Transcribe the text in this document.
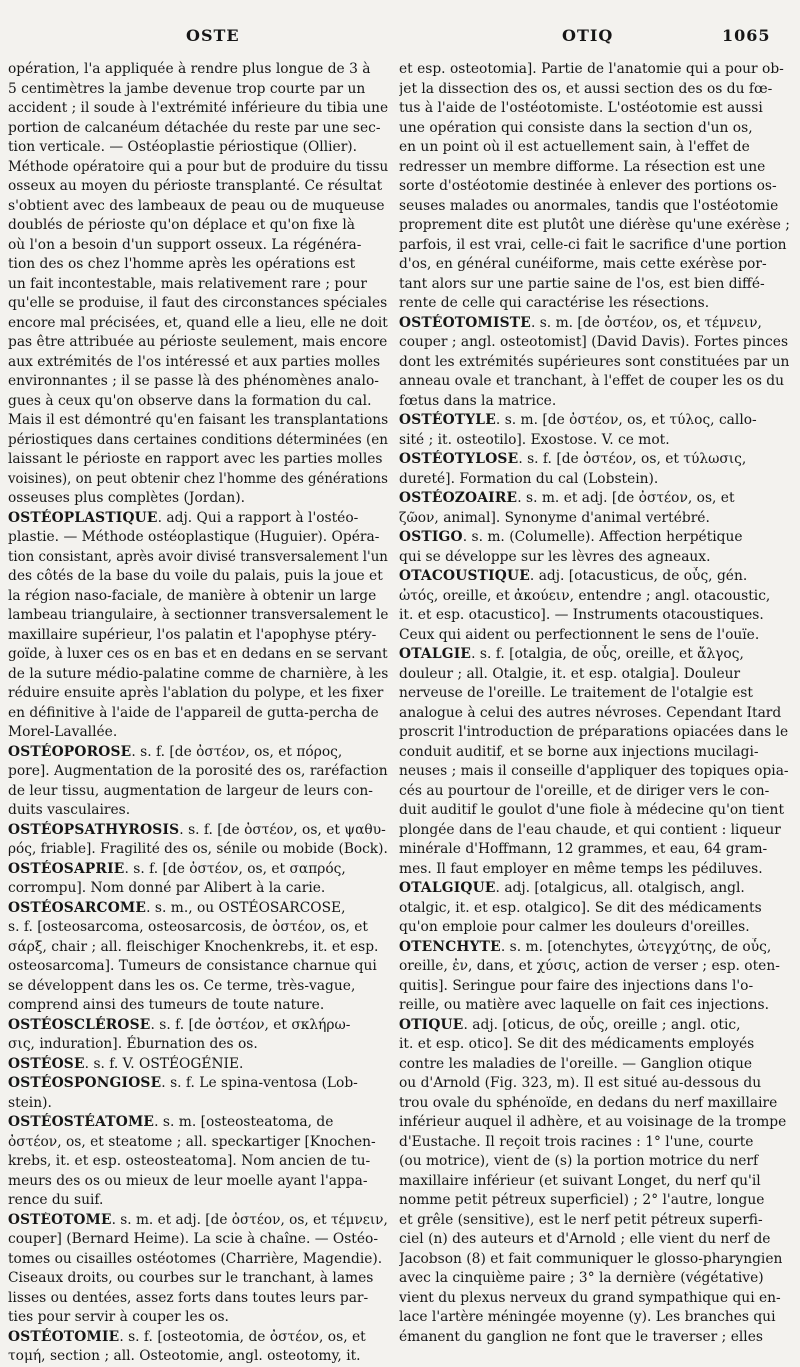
OSTE	OTIQ	1065
opération, l'a appliquée à rendre plus longue de 3 à
5 centimètres la jambe devenue trop courte par un
accident ; il soude à l'extrémité inférieure du tibia une
portion de calcanéum détachée du reste par une sec-
tion verticale. — Ostéoplastie périostique (Ollier).
Méthode opératoire qui a pour but de produire du tissu
osseux au moyen du périoste transplanté. Ce résultat
s'obtient avec des lambeaux de peau ou de muqueuse
doublés de périoste qu'on déplace et qu'on fixe là
où l'on a besoin d'un support osseux. La régénéra-
tion des os chez l'homme après les opérations est
un fait incontestable, mais relativement rare ; pour
qu'elle se produise, il faut des circonstances spéciales
encore mal précisées, et, quand elle a lieu, elle ne doit
pas être attribuée au périoste seulement, mais encore
aux extrémités de l'os intéressé et aux parties molles
environnantes ; il se passe là des phénomènes analo-
gues à ceux qu'on observe dans la formation du cal.
Mais il est démontré qu'en faisant les transplantations
périostiques dans certaines conditions déterminées (en
laissant le périoste en rapport avec les parties molles
voisines), on peut obtenir chez l'homme des générations
osseuses plus complètes (Jordan).
OSTÉOPLASTIQUE. adj. Qui a rapport à l'ostéo-
plastie. — Méthode ostéoplastique (Huguier). Opéra-
tion consistant, après avoir divisé transversalement l'un
des côtés de la base du voile du palais, puis la joue et
la région naso-faciale, de manière à obtenir un large
lambeau triangulaire, à sectionner transversalement le
maxillaire supérieur, l'os palatin et l'apophyse ptéry-
goïde, à luxer ces os en bas et en dedans en se servant
de la suture médio-palatine comme de charnière, à les
réduire ensuite après l'ablation du polype, et les fixer
en définitive à l'aide de l'appareil de gutta-percha de
Morel-Lavallée.
OSTÉOPOROSE. s. f. [de ὀστέον, os, et πόρος,
pore]. Augmentation de la porosité des os, raréfaction
de leur tissu, augmentation de largeur de leurs con-
duits vasculaires.
OSTÉOPSATHYROSIS. s. f. [de ὀστέον, os, et ψαθυ-
ρός, friable]. Fragilité des os, sénile ou mobide (Bock).
OSTÉOSAPRIE. s. f. [de ὀστέον, os, et σαπρός,
corrompu]. Nom donné par Alibert à la carie.
OSTÉOSARCOME. s. m., ou OSTÉOSARCOSE,
s. f. [osteosarcoma, osteosarcosis, de ὀστέον, os, et
σάρξ, chair ; all. fleischiger Knochenkrebs, it. et esp.
osteosarcoma]. Tumeurs de consistance charnue qui
se développent dans les os. Ce terme, très-vague,
comprend ainsi des tumeurs de toute nature.
OSTÉOSCLÉROSE. s. f. [de ὀστέον, et σκλήρω-
σις, induration]. Éburnation des os.
OSTÉOSE. s. f. V. OSTÉOGÉNIE.
OSTÉOSPONGIOSE. s. f. Le spina-ventosa (Lob-
stein).
OSTÉOSTÉATOME. s. m. [osteosteatoma, de
ὀστέον, os, et steatome ; all. speckartiger [Knochen-
krebs, it. et esp. osteosteatoma]. Nom ancien de tu-
meurs des os ou mieux de leur moelle ayant l'appa-
rence du suif.
OSTÉOTOME. s. m. et adj. [de ὀστέον, os, et τέμνειν,
couper] (Bernard Heime). La scie à chaîne. — Ostéo-
tomes ou cisailles ostéotomes (Charrière, Magendie).
Ciseaux droits, ou courbes sur le tranchant, à lames
lisses ou dentées, assez forts dans toutes leurs par-
ties pour servir à couper les os.
OSTÉOTOMIE. s. f. [osteotomia, de ὀστέον, os, et
τομή, section ; all. Osteotomie, angl. osteotomy, it.
et esp. osteotomia]. Partie de l'anatomie qui a pour ob-
jet la dissection des os, et aussi section des os du fœ-
tus à l'aide de l'ostéotomiste. L'ostéotomie est aussi
une opération qui consiste dans la section d'un os,
en un point où il est actuellement sain, à l'effet de
redresser un membre difforme. La résection est une
sorte d'ostéotomie destinée à enlever des portions os-
seuses malades ou anormales, tandis que l'ostéotomie
proprement dite est plutôt une diérèse qu'une exérèse ;
parfois, il est vrai, celle-ci fait le sacrifice d'une portion
d'os, en général cunéiforme, mais cette exérèse por-
tant alors sur une partie saine de l'os, est bien diffé-
rente de celle qui caractérise les résections.
OSTÉOTOMISTE. s. m. [de ὀστέον, os, et τέμνειν,
couper ; angl. osteotomist] (David Davis). Fortes pinces
dont les extrémités supérieures sont constituées par un
anneau ovale et tranchant, à l'effet de couper les os du
fœtus dans la matrice.
OSTÉOTYLE. s. m. [de ὀστέον, os, et τύλος, callo-
sité ; it. osteotilo]. Exostose. V. ce mot.
OSTÉOTYLOSE. s. f. [de ὀστέον, os, et τύλωσις,
dureté]. Formation du cal (Lobstein).
OSTÉOZOAIRE. s. m. et adj. [de ὀστέον, os, et
ζῶον, animal]. Synonyme d'animal vertébré.
OSTIGO. s. m. (Columelle). Affection herpétique
qui se développe sur les lèvres des agneaux.
OTACOUSTIQUE. adj. [otacusticus, de οὖς, gén.
ὠτός, oreille, et ἀκούειν, entendre ; angl. otacoustic,
it. et esp. otacustico]. — Instruments otacoustiques.
Ceux qui aident ou perfectionnent le sens de l'ouïe.
OTALGIE. s. f. [otalgia, de οὖς, oreille, et ἄλγος,
douleur ; all. Otalgie, it. et esp. otalgia]. Douleur
nerveuse de l'oreille. Le traitement de l'otalgie est
analogue à celui des autres névroses. Cependant Itard
proscrit l'introduction de préparations opiacées dans le
conduit auditif, et se borne aux injections mucilagi-
neuses ; mais il conseille d'appliquer des topiques opia-
cés au pourtour de l'oreille, et de diriger vers le con-
duit auditif le goulot d'une fiole à médecine qu'on tient
plongée dans de l'eau chaude, et qui contient : liqueur
minérale d'Hoffmann, 12 grammes, et eau, 64 gram-
mes. Il faut employer en même temps les pédiluves.
OTALGIQUE. adj. [otalgicus, all. otalgisch, angl.
otalgic, it. et esp. otalgico]. Se dit des médicaments
qu'on emploie pour calmer les douleurs d'oreilles.
OTENCHYTE. s. m. [otenchytes, ὠτεγχύτης, de οὖς,
oreille, ἐν, dans, et χύσις, action de verser ; esp. oten-
quitis]. Seringue pour faire des injections dans l'o-
reille, ou matière avec laquelle on fait ces injections.
OTIQUE. adj. [oticus, de οὖς, oreille ; angl. otic,
it. et esp. otico]. Se dit des médicaments employés
contre les maladies de l'oreille. — Ganglion otique
ou d'Arnold (Fig. 323, m). Il est situé au-dessous du
trou ovale du sphénoïde, en dedans du nerf maxillaire
inférieur auquel il adhère, et au voisinage de la trompe
d'Eustache. Il reçoit trois racines : 1° l'une, courte
(ou motrice), vient de (s) la portion motrice du nerf
maxillaire inférieur (et suivant Longet, du nerf qu'il
nomme petit pétreux superficiel) ; 2° l'autre, longue
et grêle (sensitive), est le nerf petit pétreux superfi-
ciel (n) des auteurs et d'Arnold ; elle vient du nerf de
Jacobson (8) et fait communiquer le glosso-pharyngien
avec la cinquième paire ; 3° la dernière (végétative)
vient du plexus nerveux du grand sympathique qui en-
lace l'artère méningée moyenne (y). Les branches qui
émanent du ganglion ne font que le traverser ; elles
